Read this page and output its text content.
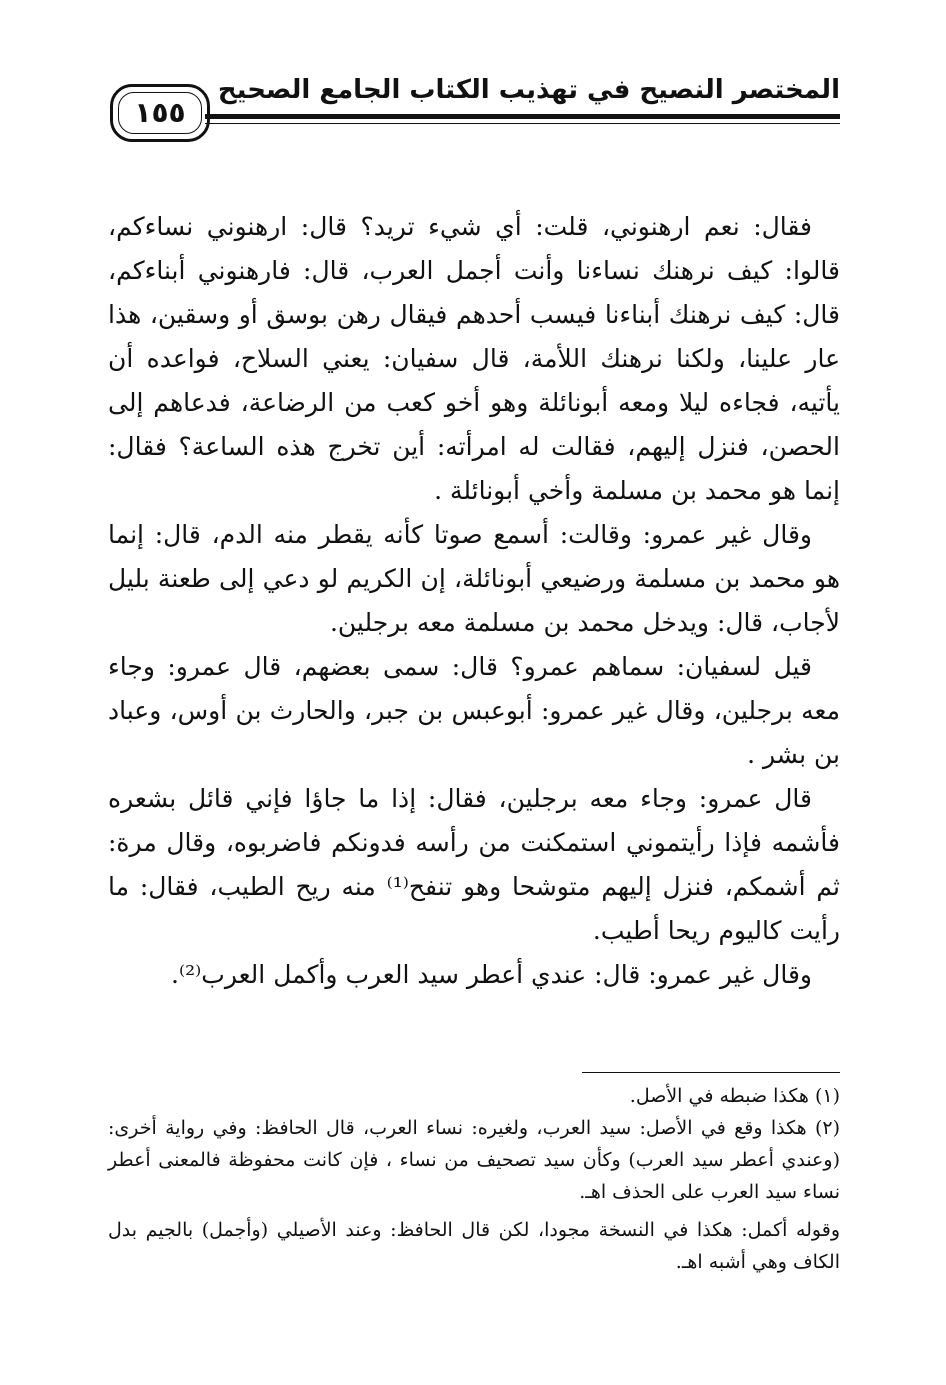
المختصر النصيح في تهذيب الكتاب الجامع الصحيح
١٥٥

فقال: نعم ارهنوني، قلت: أي شيء تريد؟ قال: ارهنوني نساءكم، قالوا: كيف نرهنك نساءنا وأنت أجمل العرب، قال: فارهنوني أبناءكم، قال: كيف نرهنك أبناءنا فيسب أحدهم فيقال رهن بوسق أو وسقين، هذا عار علينا، ولكنا نرهنك اللأمة، قال سفيان: يعني السلاح، فواعده أن يأتيه، فجاءه ليلا ومعه أبونائلة وهو أخو كعب من الرضاعة، فدعاهم إلى الحصن، فنزل إليهم، فقالت له امرأته: أين تخرج هذه الساعة؟ فقال: إنما هو محمد بن مسلمة وأخي أبونائلة .

وقال غير عمرو: وقالت: أسمع صوتا كأنه يقطر منه الدم، قال: إنما هو محمد بن مسلمة ورضيعي أبونائلة، إن الكريم لو دعي إلى طعنة بليل لأجاب، قال: ويدخل محمد بن مسلمة معه برجلين.

قيل لسفيان: سماهم عمرو؟ قال: سمى بعضهم، قال عمرو: وجاء معه برجلين، وقال غير عمرو: أبوعبس بن جبر، والحارث بن أوس، وعباد بن بشر .

قال عمرو: وجاء معه برجلين، فقال: إذا ما جاؤا فإني قائل بشعره فأشمه فإذا رأيتموني استمكنت من رأسه فدونكم فاضربوه، وقال مرة: ثم أشمكم، فنزل إليهم متوشحا وهو تنفح⁽¹⁾ منه ريح الطيب، فقال: ما رأيت كاليوم ريحا أطيب.

وقال غير عمرو: قال: عندي أعطر سيد العرب وأكمل العرب⁽²⁾.

(١) هكذا ضبطه في الأصل.

(٢) هكذا وقع في الأصل: سيد العرب، ولغيره: نساء العرب، قال الحافظ: وفي رواية أخرى: (وعندي أعطر سيد العرب) وكأن سيد تصحيف من نساء ، فإن كانت محفوظة فالمعنى أعطر نساء سيد العرب على الحذف اهـ.

وقوله أكمل: هكذا في النسخة مجودا، لكن قال الحافظ: وعند الأصيلي (وأجمل) بالجيم بدل الكاف وهي أشبه اهـ.
